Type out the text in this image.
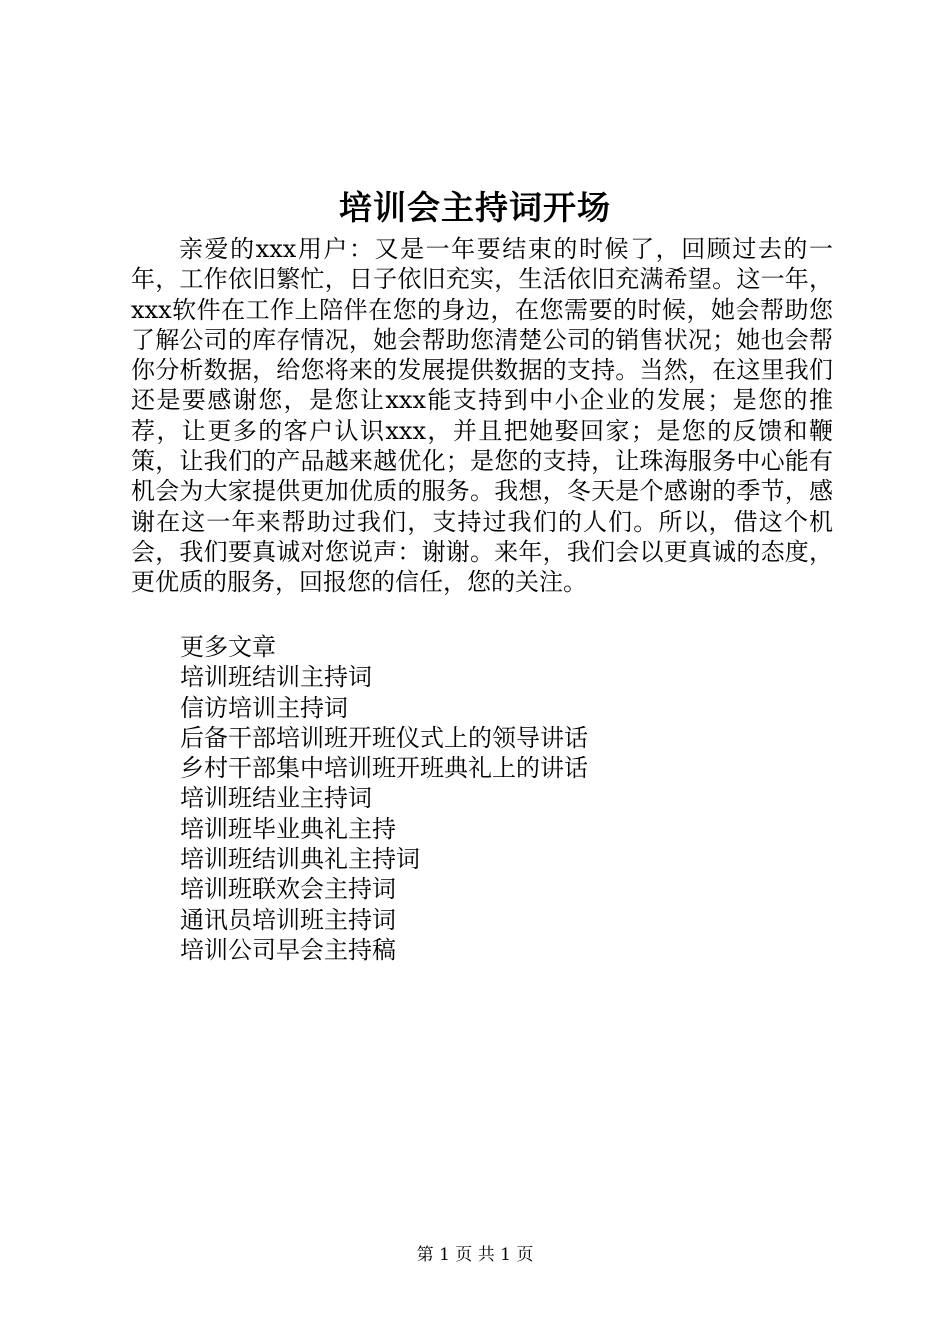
培训会主持词开场

亲爱的xxx用户：又是一年要结束的时候了，回顾过去的一年，工作依旧繁忙，日子依旧充实，生活依旧充满希望。这一年，xxx软件在工作上陪伴在您的身边，在您需要的时候，她会帮助您了解公司的库存情况，她会帮助您清楚公司的销售状况；她也会帮你分析数据，给您将来的发展提供数据的支持。当然，在这里我们还是要感谢您，是您让xxx能支持到中小企业的发展；是您的推荐，让更多的客户认识xxx，并且把她娶回家；是您的反馈和鞭策，让我们的产品越来越优化；是您的支持，让珠海服务中心能有机会为大家提供更加优质的服务。我想，冬天是个感谢的季节，感谢在这一年来帮助过我们，支持过我们的人们。所以，借这个机会，我们要真诚对您说声：谢谢。来年，我们会以更真诚的态度，更优质的服务，回报您的信任，您的关注。

更多文章
培训班结训主持词
信访培训主持词
后备干部培训班开班仪式上的领导讲话
乡村干部集中培训班开班典礼上的讲话
培训班结业主持词
培训班毕业典礼主持
培训班结训典礼主持词
培训班联欢会主持词
通讯员培训班主持词
培训公司早会主持稿
第 1 页 共 1 页
